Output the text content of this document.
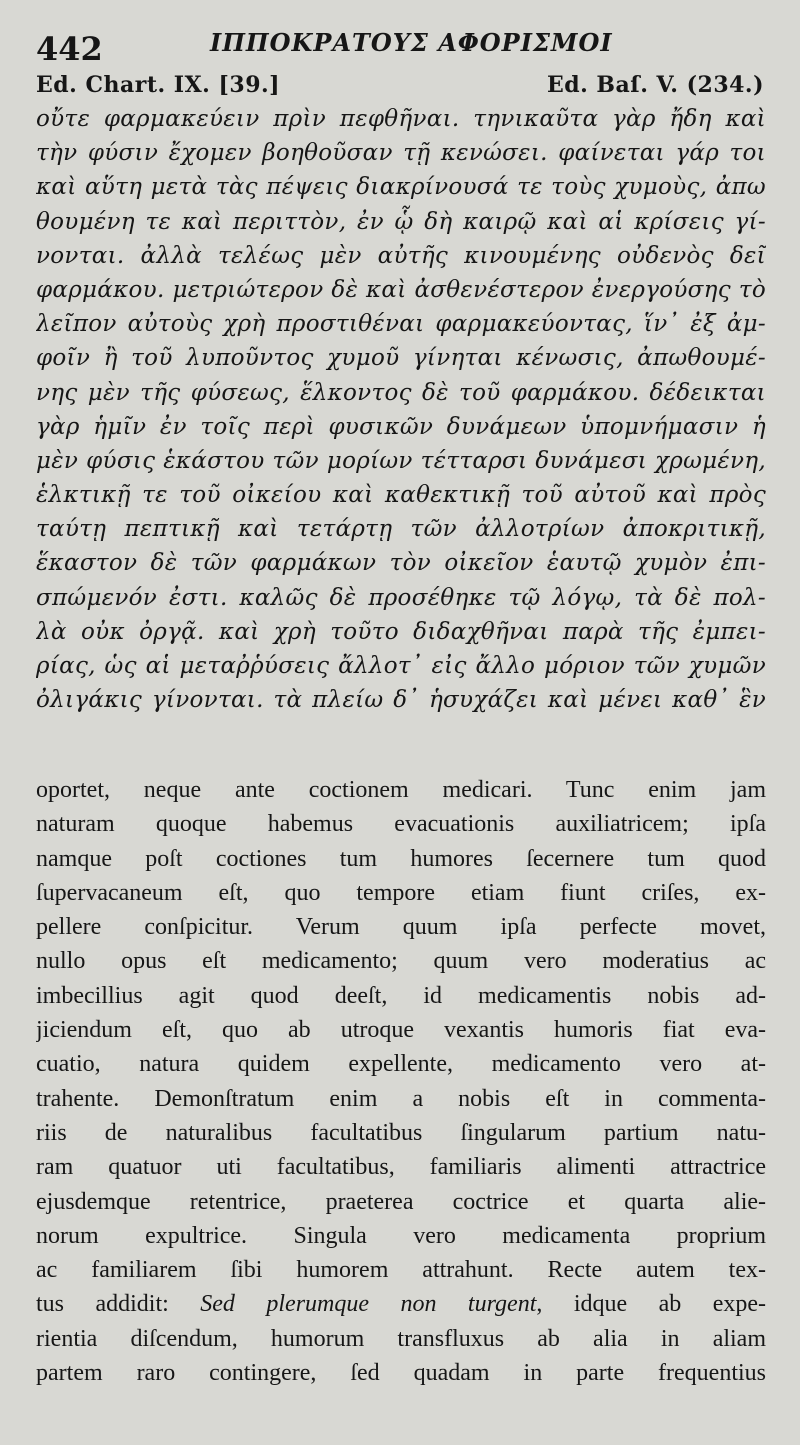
442	ΙΠΠΟΚΡΑΤΟΥΣ ΑΦΟΡΙΣΜΟΙ
Ed. Chart. IX. [39.]	Ed. Baſ. V. (234.)
οὔτε φαρμακεύειν πρὶν πεφθῆναι. τηνικαῦτα γὰρ ἤδη καὶ
τὴν φύσιν ἔχομεν βοηθοῦσαν τῇ κενώσει. φαίνεται γάρ τοι
καὶ αὕτη μετὰ τὰς πέψεις διακρίνουσά τε τοὺς χυμοὺς, ἀπω
θουμένη τε καὶ περιττὸν, ἐν ᾧ δὴ καιρῷ καὶ αἱ κρίσεις γί-
νονται. ἀλλὰ τελέως μὲν αὐτῆς κινουμένης οὐδενὸς δεῖ
φαρμάκου. μετριώτερον δὲ καὶ ἀσθενέστερον ἐνεργούσης τὸ
λεῖπον αὐτοὺς χρὴ προστιθέναι φαρμακεύοντας, ἵν᾽ ἐξ ἀμ-
φοῖν ἢ τοῦ λυποῦντος χυμοῦ γίνηται κένωσις, ἀπωθουμέ-
νης μὲν τῆς φύσεως, ἕλκοντος δὲ τοῦ φαρμάκου. δέδεικται
γὰρ ἡμῖν ἐν τοῖς περὶ φυσικῶν δυνάμεων ὑπομνήμασιν ἡ
μὲν φύσις ἑκάστου τῶν μορίων τέτταρσι δυνάμεσι χρωμένη,
ἑλκτικῇ τε τοῦ οἰκείου καὶ καθεκτικῇ τοῦ αὐτοῦ καὶ πρὸς
ταύτῃ πεπτικῇ καὶ τετάρτῃ τῶν ἀλλοτρίων ἀποκριτικῇ,
ἕκαστον δὲ τῶν φαρμάκων τὸν οἰκεῖον ἑαυτῷ χυμὸν ἐπι-
σπώμενόν ἐστι. καλῶς δὲ προσέθηκε τῷ λόγῳ, τὰ δὲ πολ-
λὰ οὐκ ὀργᾷ. καὶ χρὴ τοῦτο διδαχθῆναι παρὰ τῆς ἐμπει-
ρίας, ὡς αἱ μεταῤῥύσεις ἄλλοτ᾽ εἰς ἄλλο μόριον τῶν χυμῶν
ὀλιγάκις γίνονται. τὰ πλείω δ᾽ ἡσυχάζει καὶ μένει καθ᾽ ἓν
oportet, neque ante coctionem medicari. Tunc enim jam
naturam quoque habemus evacuationis auxiliatricem; ipſa
namque poſt coctiones tum humores ſecernere tum quod
ſupervacaneum eſt, quo tempore etiam fiunt criſes, ex-
pellere conſpicitur. Verum quum ipſa perfecte movet,
nullo opus eſt medicamento; quum vero moderatius ac
imbecillius agit quod deeſt, id medicamentis nobis ad-
jiciendum eſt, quo ab utroque vexantis humoris fiat eva-
cuatio, natura quidem expellente, medicamento vero at-
trahente. Demonſtratum enim a nobis eſt in commenta-
riis de naturalibus facultatibus ſingularum partium natu-
ram quatuor uti facultatibus, familiaris alimenti attractrice
ejusdemque retentrice, praeterea coctrice et quarta alie-
norum expultrice. Singula vero medicamenta proprium
ac familiarem ſibi humorem attrahunt. Recte autem tex-
tus addidit: Sed plerumque non turgent, idque ab expe-
rientia diſcendum, humorum transfluxus ab alia in aliam
partem raro contingere, ſed quadam in parte frequentius
